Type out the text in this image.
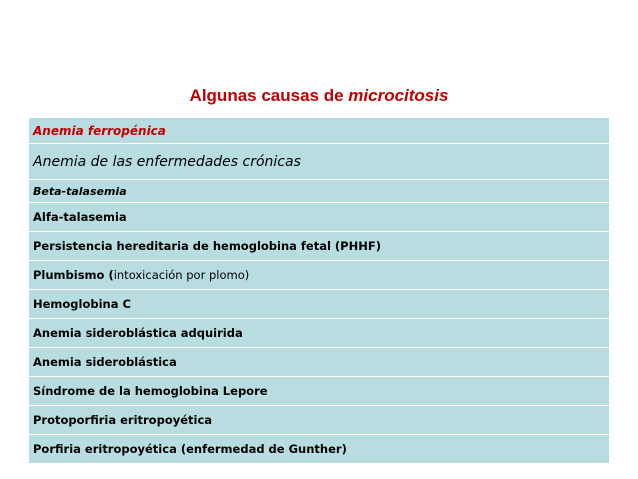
Algunas causas de microcitosis
Anemia ferropénica
Anemia de las enfermedades crónicas
Beta-talasemia
Alfa-talasemia
Persistencia hereditaria de hemoglobina fetal (PHHF)
Plumbismo ( intoxicación por plomo)
Hemoglobina C
Anemia sideroblástica adquirida
Anemia sideroblástica
Síndrome de la hemoglobina Lepore
Protoporfiria eritropoyética
Porfiria eritropoyética (enfermedad de Gunther)
